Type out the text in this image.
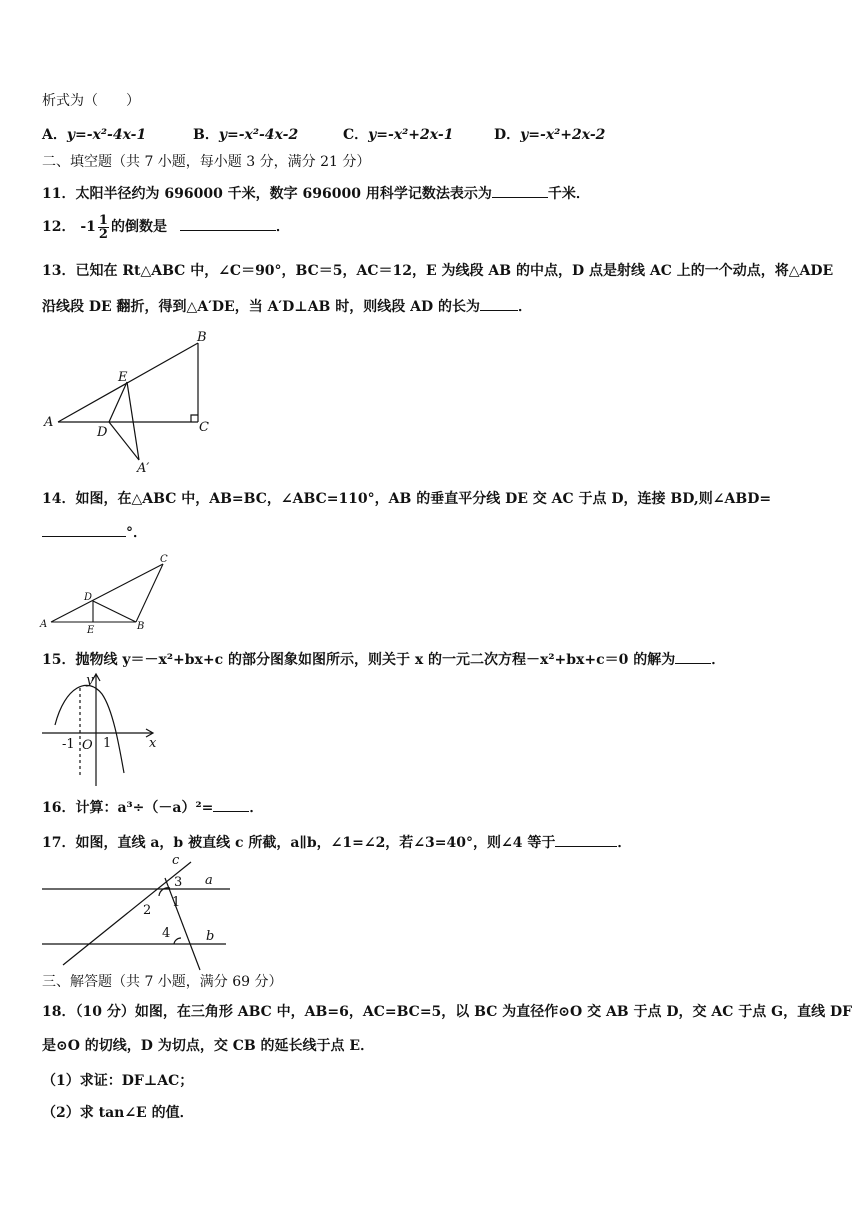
析式为（　　）
A．y=-x²-4x-1	B．y=-x²-4x-2	C．y=-x²+2x-1	D．y=-x²+2x-2
二、填空题（共 7 小题，每小题 3 分，满分 21 分）
11．太阳半径约为 696000 千米，数字 696000 用科学记数法表示为	千米．
12． $-1 \frac{1}{2}$ 的倒数是	．
13．已知在 Rt△ABC 中，∠C＝90°，BC＝5，AC＝12，E 为线段 AB 的中点，D 点是射线 AC 上的一个动点，将△ADE
沿线段 DE 翻折，得到△A′DE，当 A′D⊥AB 时，则线段 AD 的长为	．
A
B
C
D
E
A′
14．如图，在△ABC 中，AB=BC，∠ABC=110°，AB 的垂直平分线 DE 交 AC 于点 D，连接 BD,则∠ABD=
°．
A	B
C
D
E
15．抛物线 y＝－x²+bx+c 的部分图象如图所示，则关于 x 的一元二次方程－x²+bx+c＝0 的解为	．
y
x
-1 O 1
16．计算：a³÷（－a）²=	．
17．如图，直线 a，b 被直线 c 所截，a∥b，∠1=∠2，若∠3=40°，则∠4 等于	．
c
a
b
3
1
2
4
三、解答题（共 7 小题，满分 69 分）
18．（10 分）如图，在三角形 ABC 中，AB=6，AC=BC=5，以 BC 为直径作⊙O 交 AB 于点 D，交 AC 于点 G，直线 DF
是⊙O 的切线，D 为切点，交 CB 的延长线于点 E．
（1）求证：DF⊥AC；
（2）求 tan∠E 的值．
